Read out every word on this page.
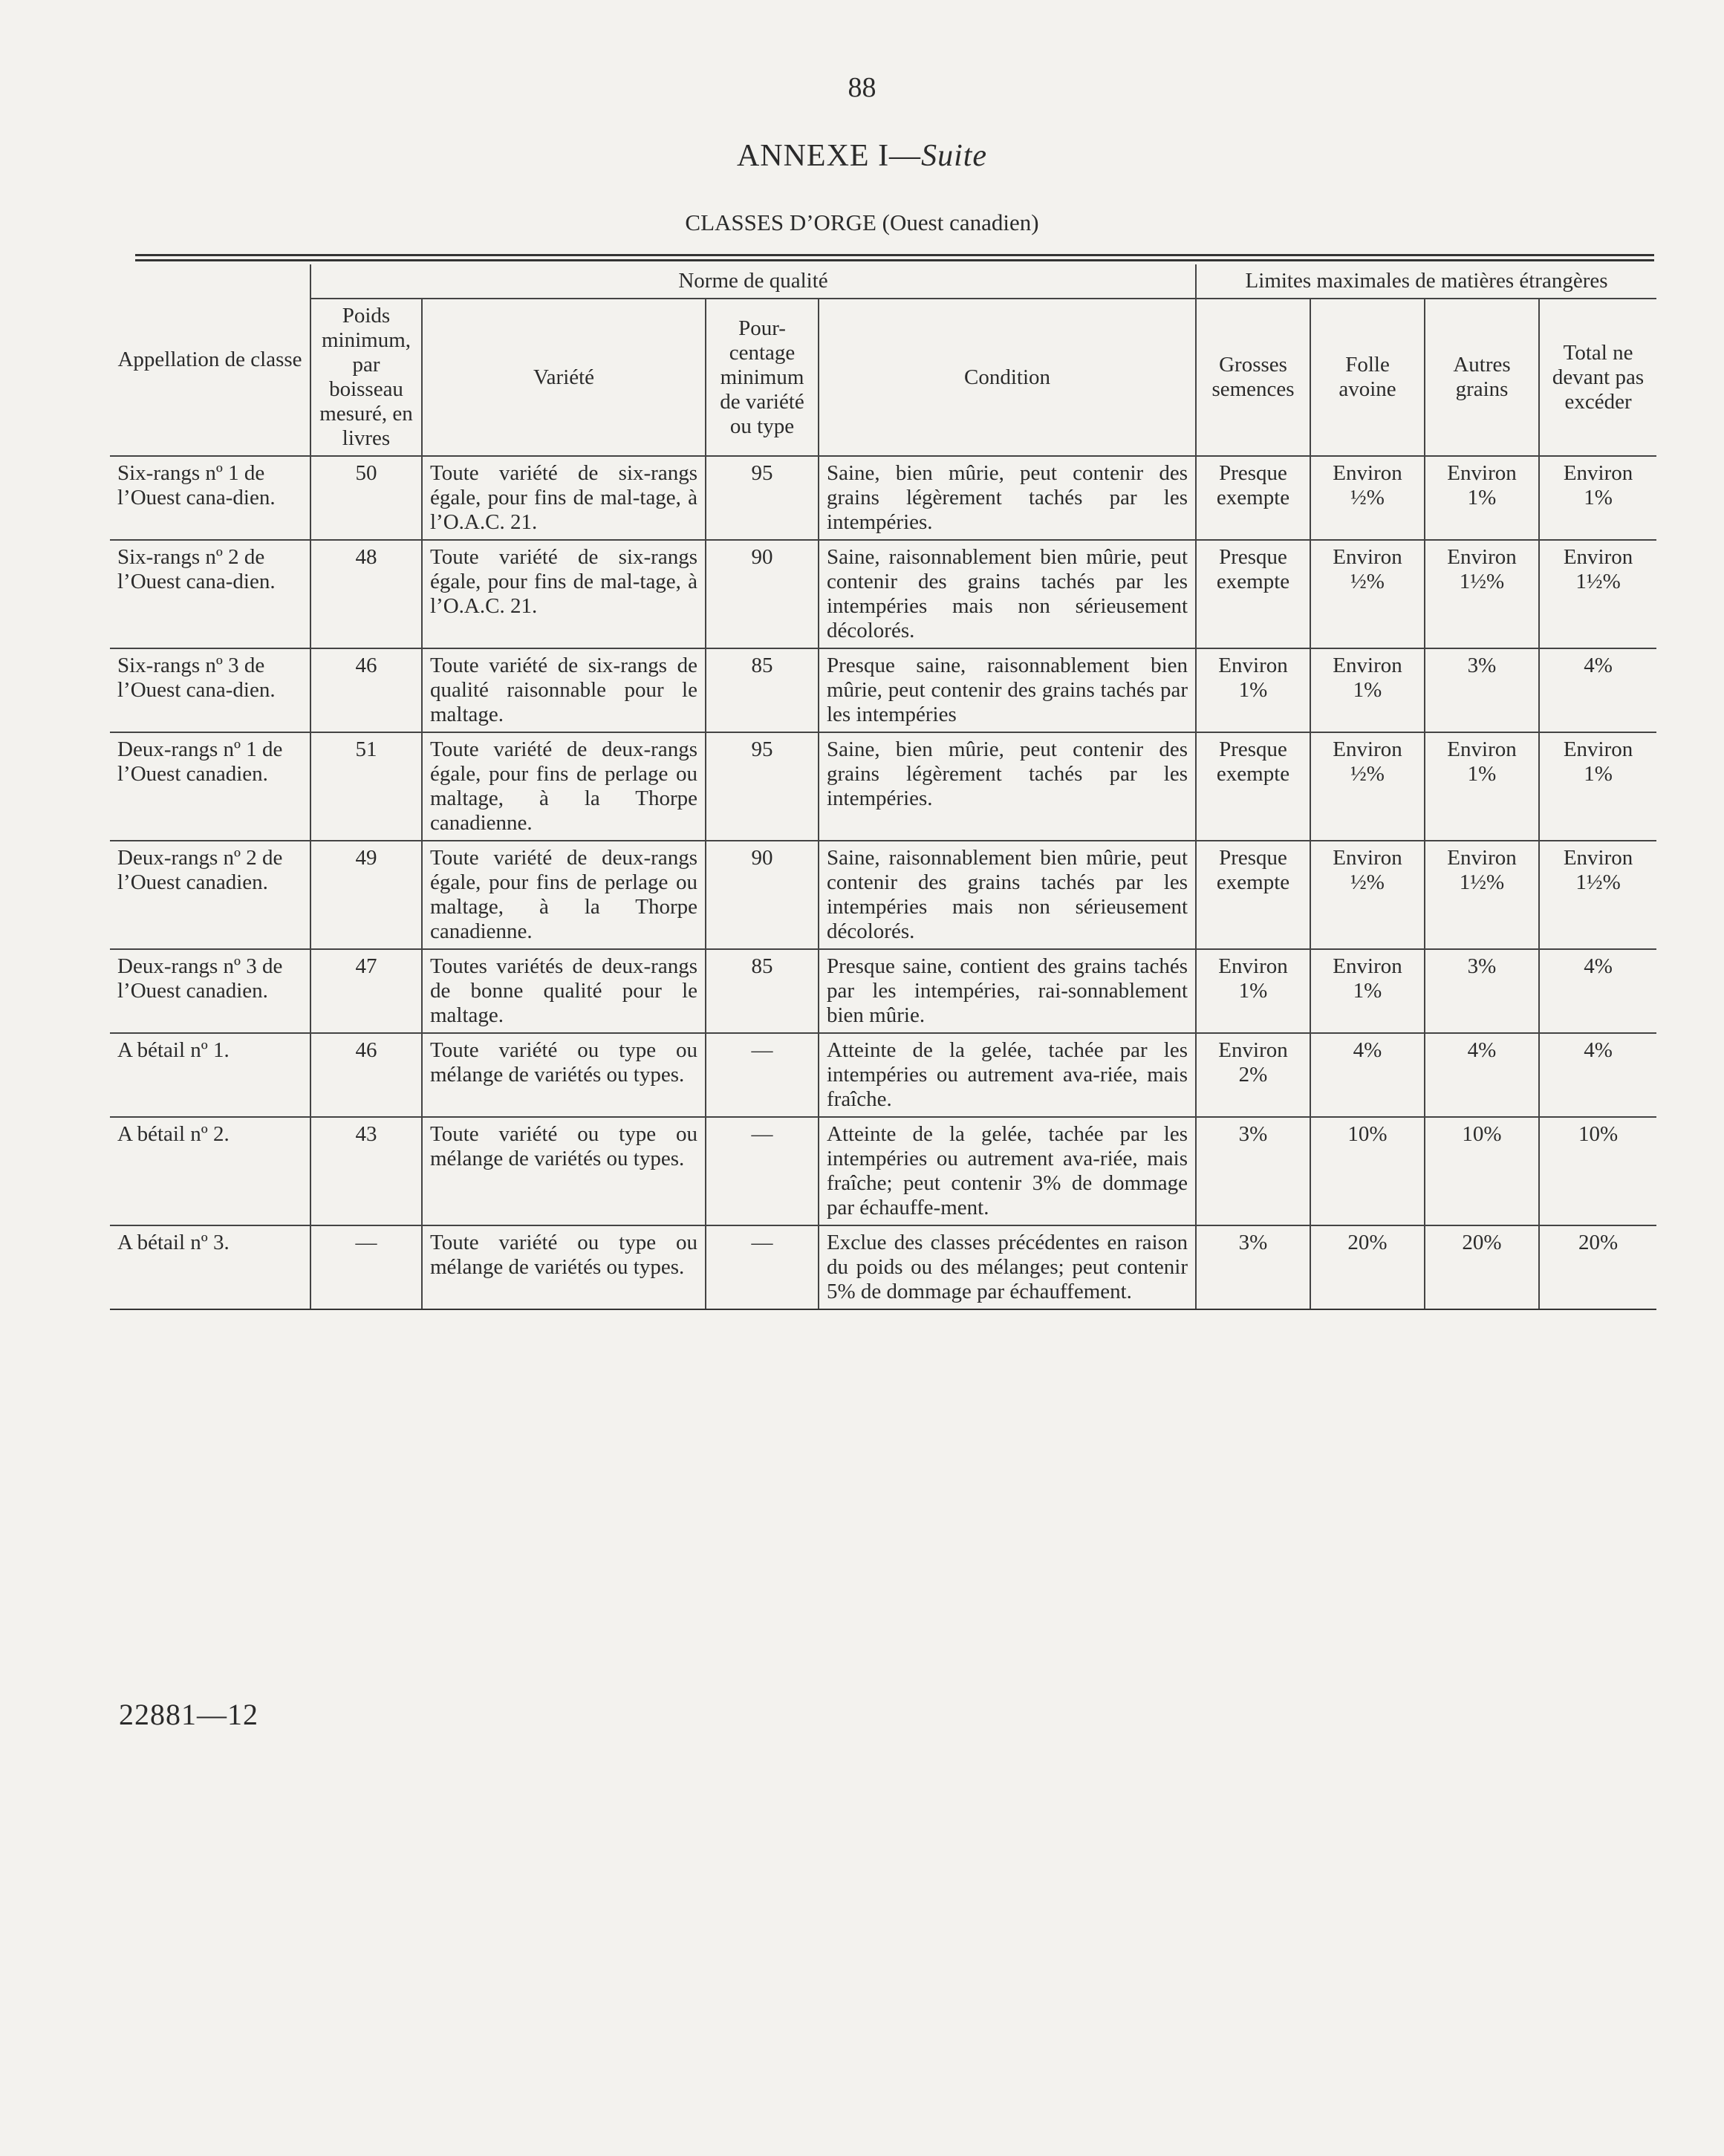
88
ANNEXE I—Suite
CLASSES D’ORGE (Ouest canadien)
Appellation de classe	Norme de qualité				Limites maximales de matières étrangères			
	Poids minimum, par boisseau mesuré, en livres	Variété	Pour-centage minimum de variété ou type	Condition	Grosses semences	Folle avoine	Autres grains	Total ne devant pas excéder
Six-rangs nº 1 de l’Ouest cana-dien.	50	Toute variété de six-rangs égale, pour fins de mal-tage, à l’O.A.C. 21.	95	Saine, bien mûrie, peut contenir des grains légèrement tachés par les intempéries.	Presque exempte	Environ ½%	Environ 1%	Environ 1%
Six-rangs nº 2 de l’Ouest cana-dien.	48	Toute variété de six-rangs égale, pour fins de mal-tage, à l’O.A.C. 21.	90	Saine, raisonnablement bien mûrie, peut contenir des grains tachés par les intempéries mais non sérieusement décolorés.	Presque exempte	Environ ½%	Environ 1½%	Environ 1½%
Six-rangs nº 3 de l’Ouest cana-dien.	46	Toute variété de six-rangs de qualité raisonnable pour le maltage.	85	Presque saine, raisonnablement bien mûrie, peut contenir des grains tachés par les intempéries	Environ 1%	Environ 1%	3%	4%
Deux-rangs nº 1 de l’Ouest canadien.	51	Toute variété de deux-rangs égale, pour fins de perlage ou maltage, à la Thorpe canadienne.	95	Saine, bien mûrie, peut contenir des grains légèrement tachés par les intempéries.	Presque exempte	Environ ½%	Environ 1%	Environ 1%
Deux-rangs nº 2 de l’Ouest canadien.	49	Toute variété de deux-rangs égale, pour fins de perlage ou maltage, à la Thorpe canadienne.	90	Saine, raisonnablement bien mûrie, peut contenir des grains tachés par les intempéries mais non sérieusement décolorés.	Presque exempte	Environ ½%	Environ 1½%	Environ 1½%
Deux-rangs nº 3 de l’Ouest canadien.	47	Toutes variétés de deux-rangs de bonne qualité pour le maltage.	85	Presque saine, contient des grains tachés par les intempéries, rai-sonnablement bien mûrie.	Environ 1%	Environ 1%	3%	4%
A bétail nº 1.	46	Toute variété ou type ou mélange de variétés ou types.	—	Atteinte de la gelée, tachée par les intempéries ou autrement ava-riée, mais fraîche.	Environ 2%	4%	4%	4%
A bétail nº 2.	43	Toute variété ou type ou mélange de variétés ou types.	—	Atteinte de la gelée, tachée par les intempéries ou autrement ava-riée, mais fraîche; peut contenir 3% de dommage par échauffe-ment.	3%	10%	10%	10%
A bétail nº 3.	—	Toute variété ou type ou mélange de variétés ou types.	—	Exclue des classes précédentes en raison du poids ou des mélanges; peut contenir 5% de dommage par échauffement.	3%	20%	20%	20%
22881—12
